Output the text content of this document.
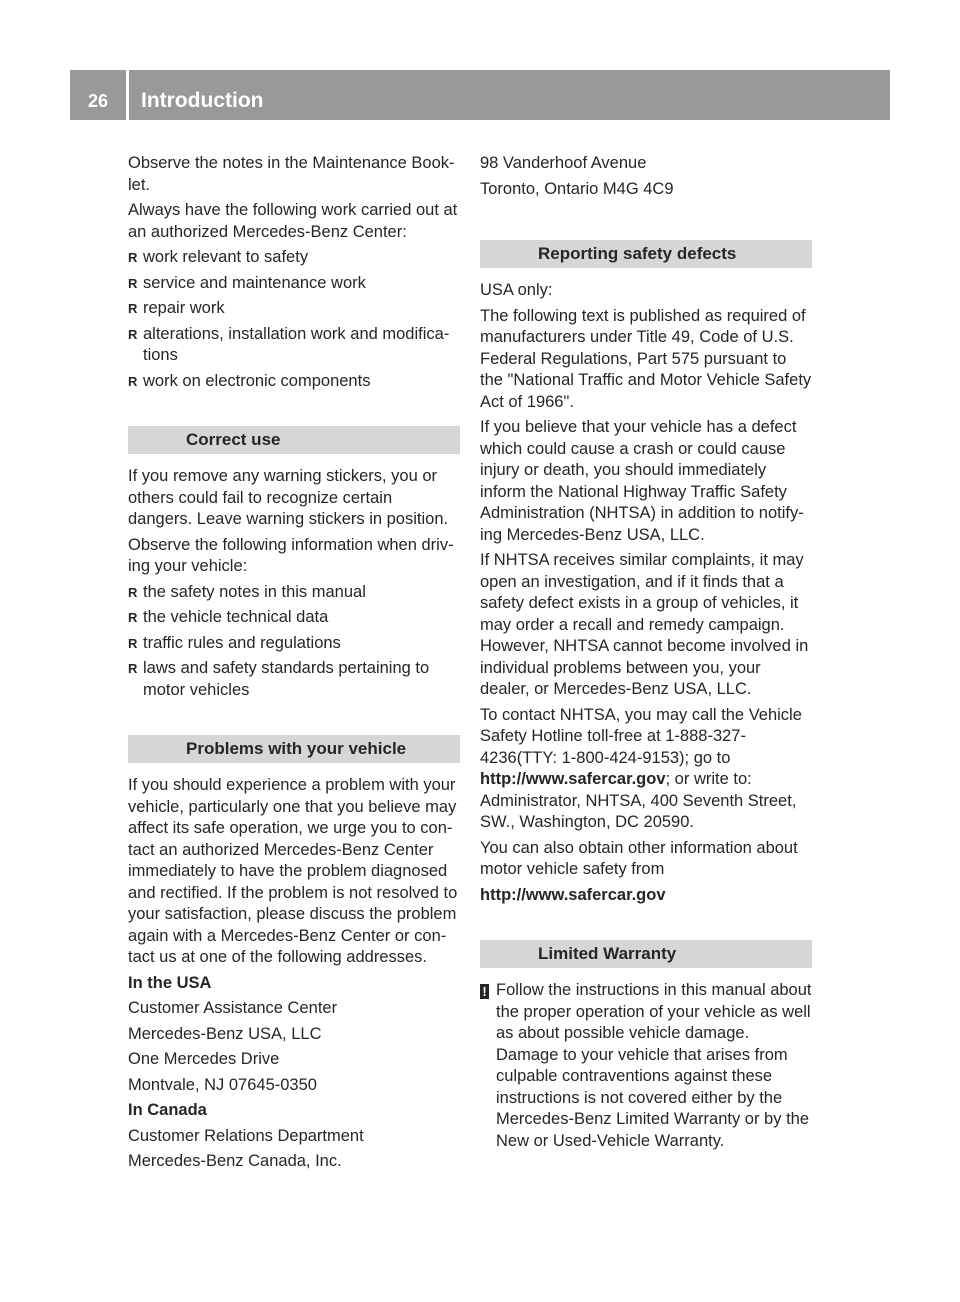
26	Introduction

Observe the notes in the Maintenance Book-let.

Always have the following work carried out at an authorized Mercedes-Benz Center:

R work relevant to safety
R service and maintenance work
R repair work
R alterations, installation work and modifica-tions
R work on electronic components
Correct use

If you remove any warning stickers, you or others could fail to recognize certain dangers. Leave warning stickers in position.

Observe the following information when driv-ing your vehicle:

R the safety notes in this manual
R the vehicle technical data
R traffic rules and regulations
R laws and safety standards pertaining to motor vehicles
Problems with your vehicle

If you should experience a problem with your vehicle, particularly one that you believe may affect its safe operation, we urge you to con-tact an authorized Mercedes-Benz Center immediately to have the problem diagnosed and rectified. If the problem is not resolved to your satisfaction, please discuss the problem again with a Mercedes-Benz Center or con-tact us at one of the following addresses.

In the USA

Customer Assistance Center

Mercedes-Benz USA, LLC

One Mercedes Drive

Montvale, NJ 07645-0350

In Canada

Customer Relations Department

Mercedes-Benz Canada, Inc.

98 Vanderhoof Avenue

Toronto, Ontario M4G 4C9

Reporting safety defects

USA only:

The following text is published as required of manufacturers under Title 49, Code of U.S. Federal Regulations, Part 575 pursuant to the "National Traffic and Motor Vehicle Safety Act of 1966".

If you believe that your vehicle has a defect which could cause a crash or could cause injury or death, you should immediately inform the National Highway Traffic Safety Administration (NHTSA) in addition to notify-ing Mercedes-Benz USA, LLC.

If NHTSA receives similar complaints, it may open an investigation, and if it finds that a safety defect exists in a group of vehicles, it may order a recall and remedy campaign. However, NHTSA cannot become involved in individual problems between you, your dealer, or Mercedes-Benz USA, LLC.

To contact NHTSA, you may call the Vehicle Safety Hotline toll-free at 1-888-327-4236(TTY: 1-800-424-9153); go to http://www.safercar.gov; or write to: Administrator, NHTSA, 400 Seventh Street, SW., Washington, DC 20590.

You can also obtain other information about motor vehicle safety from

http://www.safercar.gov

Limited Warranty
! Follow the instructions in this manual about the proper operation of your vehicle as well as about possible vehicle damage. Damage to your vehicle that arises from culpable contraventions against these instructions is not covered either by the Mercedes-Benz Limited Warranty or by the New or Used-Vehicle Warranty.
